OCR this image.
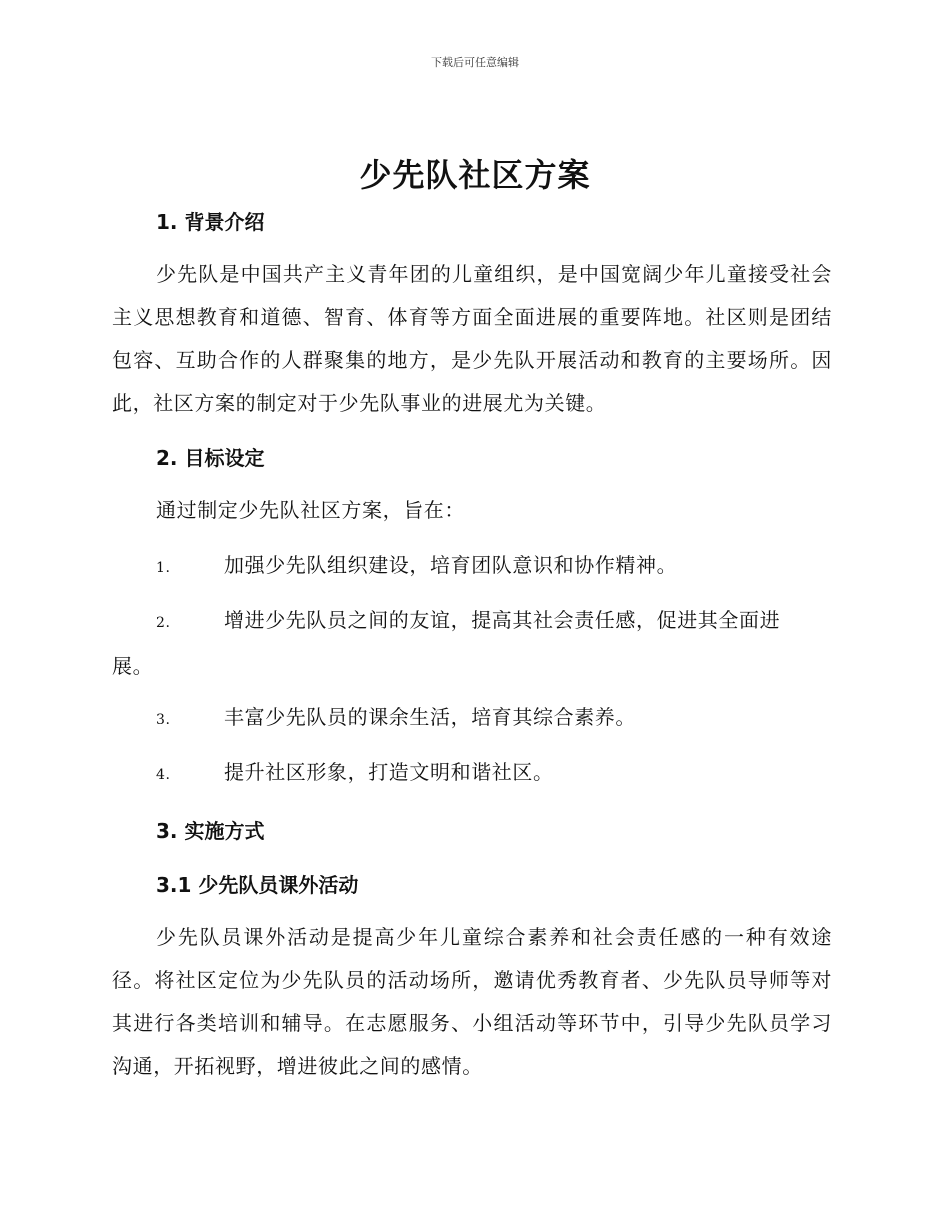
下载后可任意编辑
少先队社区方案
1. 背景介绍
少先队是中国共产主义青年团的儿童组织，是中国宽阔少年儿童接受社会主义思想教育和道德、智育、体育等方面全面进展的重要阵地。社区则是团结包容、互助合作的人群聚集的地方，是少先队开展活动和教育的主要场所。因此，社区方案的制定对于少先队事业的进展尤为关键。
2. 目标设定
通过制定少先队社区方案，旨在：
1.	加强少先队组织建设，培育团队意识和协作精神。
2.	增进少先队员之间的友谊，提高其社会责任感，促进其全面进
展。
3.	丰富少先队员的课余生活，培育其综合素养。
4.	提升社区形象，打造文明和谐社区。
3. 实施方式
3.1 少先队员课外活动
少先队员课外活动是提高少年儿童综合素养和社会责任感的一种有效途径。将社区定位为少先队员的活动场所，邀请优秀教育者、少先队员导师等对其进行各类培训和辅导。在志愿服务、小组活动等环节中，引导少先队员学习沟通，开拓视野，增进彼此之间的感情。
